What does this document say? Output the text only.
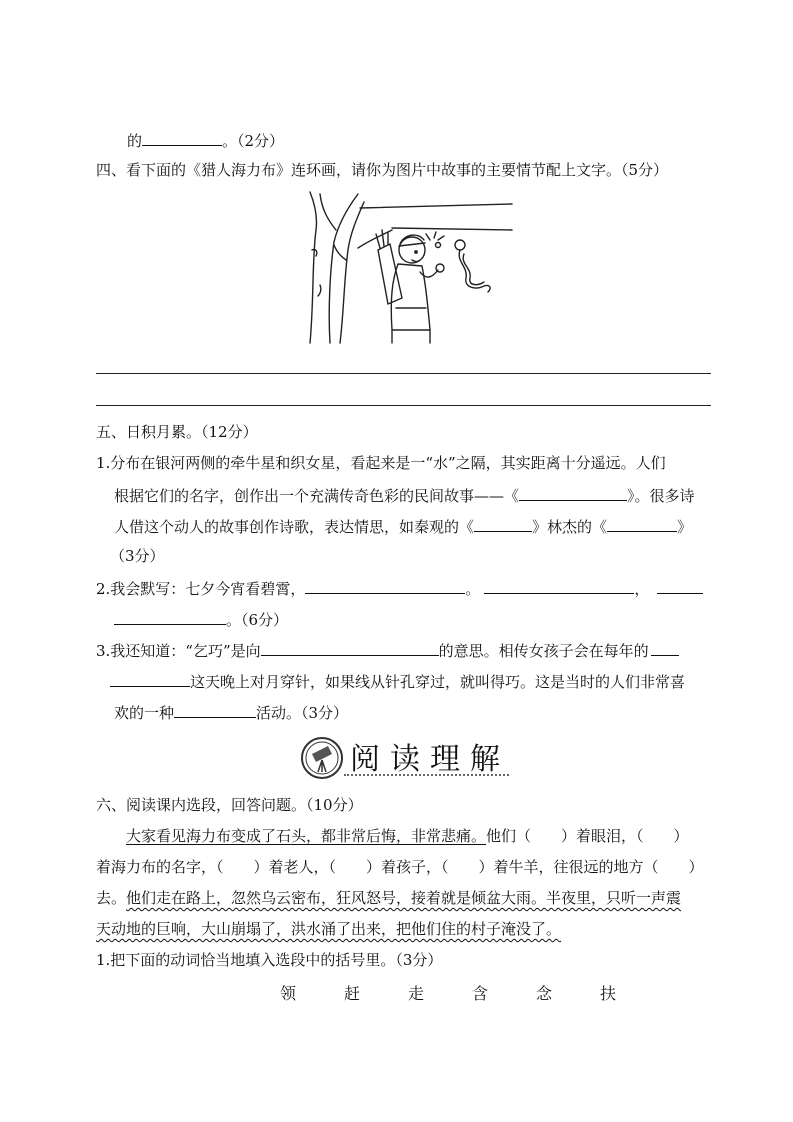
的	。（2分）
四、看下面的《猎人海力布》连环画，请你为图片中故事的主要情节配上文字。（5分）
五、日积月累。（12分）
1.分布在银河两侧的牵牛星和织女星，看起来是一“水”之隔，其实距离十分遥远。人们
根据它们的名字，创作出一个充满传奇色彩的民间故事——《	》。很多诗
人借这个动人的故事创作诗歌，表达情思，如秦观的《	》林杰的《	》
（3分）
2.我会默写：七夕今宵看碧霄，	。	，
。（6分）
3.我还知道：“乞巧”是向	的意思。相传女孩子会在每年的
这天晚上对月穿针，如果线从针孔穿过，就叫得巧。这是当时的人们非常喜
欢的一种	活动。（3分）
阅读理解
六、阅读课内选段，回答问题。（10分）
大家看见海力布变成了石头，都非常后悔，非常悲痛。他们（　　）着眼泪，（　　）
着海力布的名字，（　　）着老人，（　　）着孩子，（　　）着牛羊，往很远的地方（　　）
去。他们走在路上，忽然乌云密布，狂风怒号，接着就是倾盆大雨。半夜里，只听一声震
天动地的巨响，大山崩塌了，洪水涌了出来，把他们住的村子淹没了。
1.把下面的动词恰当地填入选段中的括号里。（3分）
领	赶	走	含	念	扶
